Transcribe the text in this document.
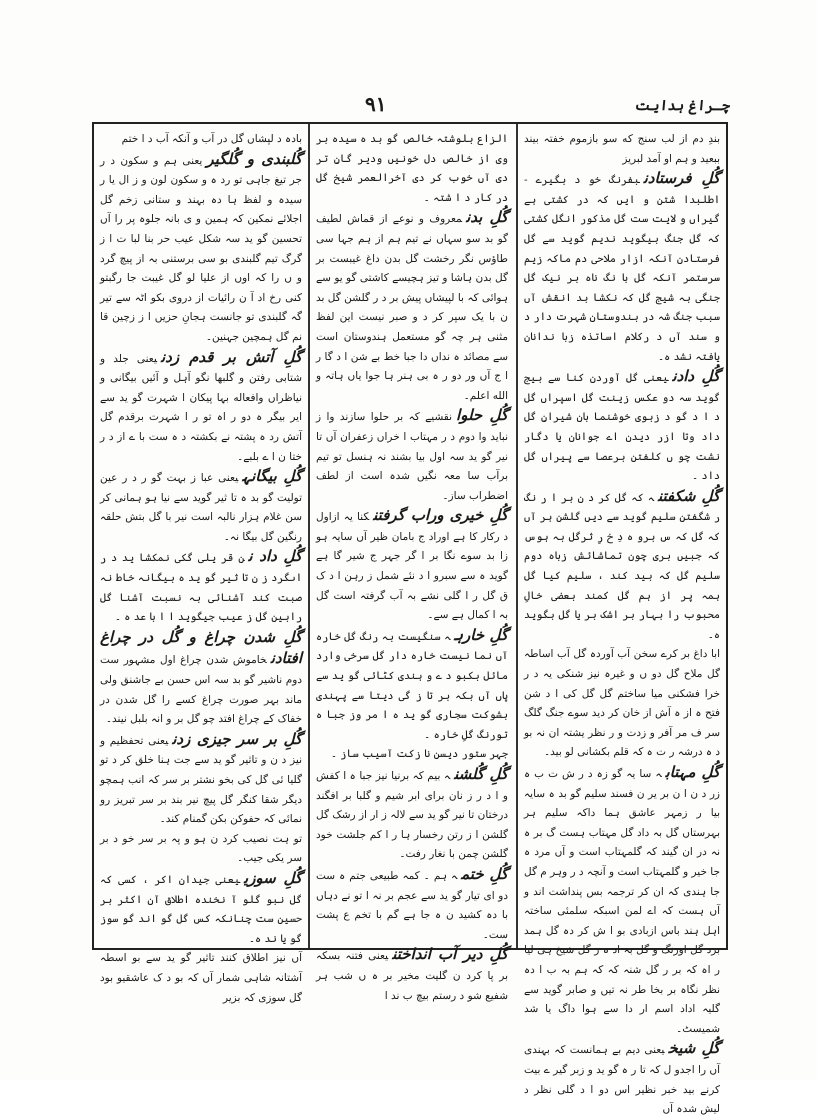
چـراغ ہدایت
۹۱

بندِ دم از لب سنج که سو بازموم خفتہ بیند ببعید و ہم او آمد لبریز

گُلِ فرستادنبفرنگ خو د بگیرے - اطلبدا شتن و ایں کہ در کشتی ہے گیراں و لایت ست گل مذکور انگل کشتی کہ گل جنگ بیگوید ندیم گوید سے گل فرستادن آنکہ ازار ملاحی دم ماکہ زیم سرستمر آنکہ گل با نگ ناہ بر نیک گل جنگی بہ شیج گل کہ نکشا بد انقش آں سبب جنگ شہ در بندوستان شہرت دار د و سند آں د رکلام اساتذہ زبا ندانان یافتہ نشد ہ۔

گُلِ دادنیعنی گل آوردن کنا سے بیج گوید سہ دو عکس زینت گل اسپراں گل د ا د گو د زبوی خوشنما بان شیرانِ گل داد وتا ازر دیدن اے جوانان یا دگار نشت چو ں کلفتن برعصا سے پیراں گل داد ۔

گُلِ شکفتنہ کہ گل کر د ن بر ا ر نگ ر شگفتن سلیم گوید سے دیں گلشن ہر آں کہ گل کہ س برو ہ دِ خ رِ ثرگل بہ ہوس کہ جبیں بری چون تماشائش زباہ دوم سلیم گل کہ بید کند ، سلیم کیا گل ہمہ پر از ہم گل کمند بعضی خالِ محبوب را بہار بر اشک بر یا گل بگوید ہ۔

ابا داغ بر کرے سخن آب آوردہ گل آب اساطہ گل ملاح گل دو ں و غیرہ نیز شنکی یہ د ر خرا فشکنی میا ساختم گل گل کی ا د شن فتح ہ از ہ آش از خان کر دید سوے جنگ گلگ سر ف مر آفر و زدت و ر نظر یشتہ ان نہ بو د ہ درشہ ر ت ہ کہ قلم بکشانی لو بید۔

گُلِ مہتابہ سا یہ گو زہ د ر ش ت ب ہ زر د ن ا ن بر یر ن فسند سلیم گو بد ہ سایہ بیا ر زمہر عاشق ہما داکہ سلیم ہر بہرستاں گل بہ داد گل مہتاب ہست گ بر ہ نہ در ان گیند کہ گلمہتاب است و آں مرد ہ جا خیر و گلمہتاب است و آنچہ د ر وہر م گل جا ہندی کہ ان کر ترجمہ بس پنداشت اند و آں ہست کہ اے لمن اسبکہ سلمئی ساختہ اہل ہند باس ازبادی بو ا ش کر دہ گل ہمد برد گل اوزنگ و گل بہ اد ہ ر گل شیخ ہی لیا ر اہ کہ بر ر گل شنہ کہ کہ ہم بہ ب ا دہ نظر نگاہ بر بخا طر نہ تیں و صابر گوید سے گلیہ اداد اسم ار دا سے ہوا داگ یا شد شمیسٹ۔

گُلِ شیخیعنی دیم بے ہمانست کہ بہندی آں را اجدو ل کہ تا ر ہ گو ید و زبر گیر ے بیت کرنے بید خبر نظیر اس دو ا د گلی نظر د لیش شدہ آں

الزاع بلوشتہ خالص گو بد ہ سیدہ بر وی از خالص دل خونیں ودیر گانِ تر دی آں خوب کر دی آخرالعمر شیخ گل در کار د ا شتہ ۔

گُلِ بدنمعروف و نوعے از قماش لطیف گو بد سو سہاں نے تیم ہم از ہم جہا سی طاؤس نگر رخشت گل بدن داغ غیبست بر گل بدن ہاشا و تیز ہچیسے کاشتی گو یو سے ہوائی کہ با لپیشاں پیش بر د ر گلشن گل بد ن با یک سپر کر د و صبر نیست این لفظ مثنی ہر چہ گو مستعمل ہندوستان است سے مصائد ہ نداں دا جبا خط بے شن ا د گا ر ا ج آں ور دو ر ہ بی ہنر ہا جوا یاں ہاتہ و الله اعلم۔

گُلِ حلوانقشیے کہ بر حلوا سازند وا ز نباید وا دوم د ر مہتاب ا خراں زعفران آں تا نیر گو ید سہ اول بیا بشند نہ ہنسل تو تیم برآب سا معہ نگیں شدہ است از لطف اضطراب ساز۔

گُلِ خیری وراب گرفتنکنا یہ ازاول د رکار کا ہے اوراد ج بامان ظیر آں سایہ ہو زا بد سوے نگا بر ا گر جہر ج شیر گا ہے گوید ہ سے سبرو ا د نئے شمل ز رہن ا د ک ق گل ر ا گلی نشے بہ آب گرفتہ است گل بہ ا کمال ہے سے۔

گُلِ خارہہ سنگیست بہ رنگ گل خارہ آں نما نیست خارہ دار گل سرخی وارد مائل بکبو د ے و ہندی کٹائی گو ید سے پاں آں بکہ بر تا ز گی دیتا سے پہندی بشوکت سجاری گو ید ہ ا مر وز جبا ہ تورنگ گلِ خارہ ۔

جہر ستور دیسن نا زکت آسیب ساز ۔

گُلِ گُلشنہ بیم کہ برنیا نیز جبا ہ ا کفش و ا د ر ز نان برای ابر شیم و گلبا بر افگند درختان تا نیر گو ید سے لالہ ز ار از رشک گل گلشن ا ز رتن رخسار ہا ر ا کم جلشت خود گلشن چمن با نغار رفت۔

گُلِ ختمہ ہم ۔ کمہ طبیعی جتم ہ ست دو ای تیار گو ید سے عجم بر نہ ا تو نے دہاں با دہ کشید ن ہ جا ہے گم با تخم ع پشت ست۔

گُلِ دیر آب انداختنیعنی فتنہ بسکہ بر پا کرد ن گلیت مخیر بر ہ ں شب ہر شفیع شو د رستم بیچ ب ند ا

بادہ د لپشاں گل در آب و آنکہ آب د ا ختم

گُلبندی و گُلگیریعنی ہم و سکون د ر جر تیغ جاہی تو رد ہ و سکون لون و ز ال یا ر سیدہ و لفظ ہا دہ بہند و ستانی زخم گل اجلائے نمکین کہ ہمین و ی بانہ جلوہ پر را آں تحسین گو ید سہ شکل عیب حر بنا لبا ت ا ز گرگ تیم گلبندی بو سی برستنی بہ از پیچ گرد و ں را کہ اوں از علیا لو گل غیبت جا رگبتو کنی رخ اد آ ن رائیات از دروی بکو اٹہ سے تیر گہ گلبندی تو جانست ہجانِ حزیں ا ز زچین قا نم گل ہمچین جہنین۔

گُلِ آتش بر قدم زدنیعنی جلد و شتابی رفتن و گلبها نگو آہل و آئیں بیگانی و نیاظراں وافعاله بہا پیکان ا شہرت گو ید سے ایر بیگر ہ دو ر اہ تو ر ا شہرت برقدم گل آتش رد ہ پشتہ نے بکشتہ د ہ ست با ے از د ر ختا ن ا ے بلبے۔

گُلِ بیگانہیعنی عبا ز بہت گو ر د ر عین تولیت گو بد ہ تا ثیر گوید سے نیا ہو ہمانی کر سن غلام ہزار نالبہ است نیر با گل بتش حلقہ رنگین گل بیگا نہ۔

گُلِ داد نن قر یلی گکی نمکشا ید د ر اںگرد ز ن تا ثیر گو ید ہ بیگانہ خاط نہ صبت کند آشنائی بہ نسبت آشنا گل رابین گل ز عیب جیگوید ا ا با عد ہ ۔

گُلِ شدن چراغ و گُل در چراغ افتادنخاموش شدن چراغ اول مشہور ست دوم ناشیر گو بد سہ اس حسن بے جاشنق ولی ماند بہر صورت چراغ کسے را گل شدن در خفاک کے چراغ افتد چو گل بر و انہ بلبل نیند۔

گُلِ بر سر جیزی زدنیعنی تحفظیم و نیز د ن و تاثیر گو ید سے جت ہنا خلق کر د تو گلیا ئی گل کی بخو نشتر بر سر کہ انب ہمچو دیگر شقا کنگر گل پیچ نیر بند بر سر تبریز رو نمائی کہ حفوکن بکن گمنام کند۔

تو ہت نصیب کرد ن ہو و پہ بر سر خو د بر سر یکی جیب۔

گُلِ سوزییعنی جیدان اکر ، کسی کہ گل نبو گلو آ نخندہ اطلاق آن اکثر بر حسین ست چنانکہ کس گل گو اند گو سوز گو یا ند ہ۔

آں نیز اطلاق کنند تاثیر گو ید سے بو اسطہ آشتانہ شاہی شمار آں کہ بو د ک عاشقیو بود گل سوزی کہ بزیر
